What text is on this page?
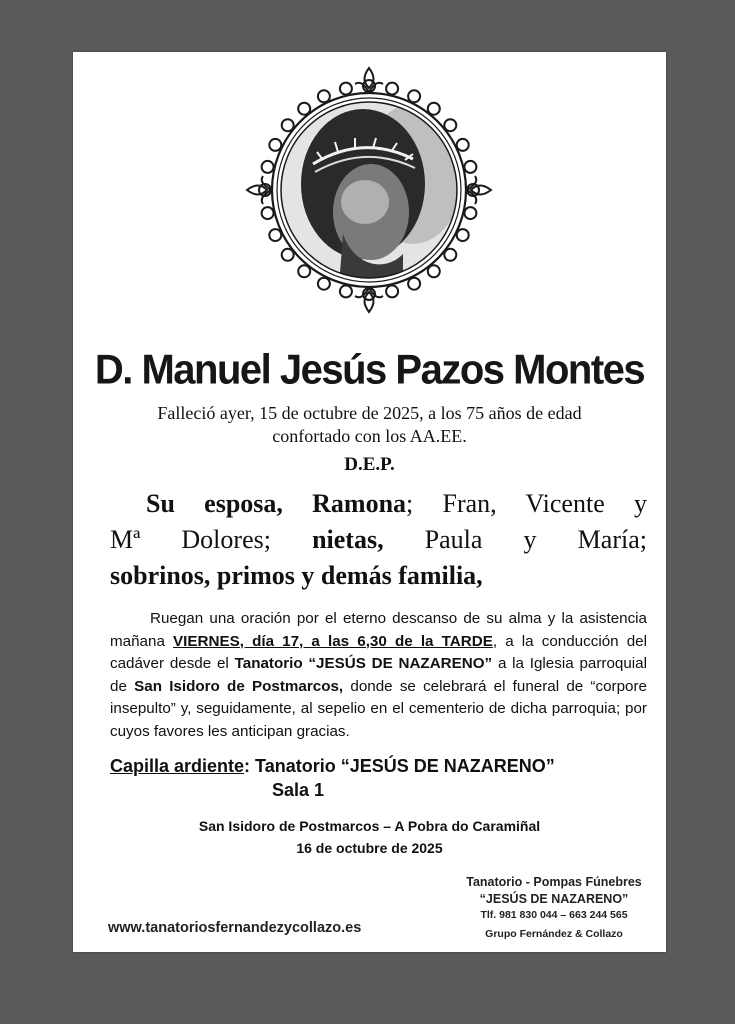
D. Manuel Jesús Pazos Montes
Falleció ayer, 15 de octubre de 2025, a los 75 años de edad
confortado con los AA.EE.
D.E.P.
Su esposa, Ramona; Fran, Vicente y
Mª Dolores; nietas, Paula y María;
sobrinos, primos y demás familia,
Ruegan una oración por el eterno descanso de su alma y la asistencia mañana VIERNES, día 17, a las 6,30 de la TARDE, a la conducción del cadáver desde el Tanatorio “JESÚS DE NAZARENO” a la Iglesia parroquial de San Isidoro de Postmarcos, donde se celebrará el funeral de “corpore insepulto” y, seguidamente, al sepelio en el cementerio de dicha parroquia; por cuyos favores les anticipan gracias.
Capilla ardiente: Tanatorio “JESÚS DE NAZARENO”
Sala 1
San Isidoro de Postmarcos – A Pobra do Caramiñal
16 de octubre de 2025
www.tanatoriosfernandezycollazo.es
Tanatorio - Pompas Fúnebres
“JESÚS DE NAZARENO”
Tlf. 981 830 044 – 663 244 565
Grupo Fernández & Collazo
